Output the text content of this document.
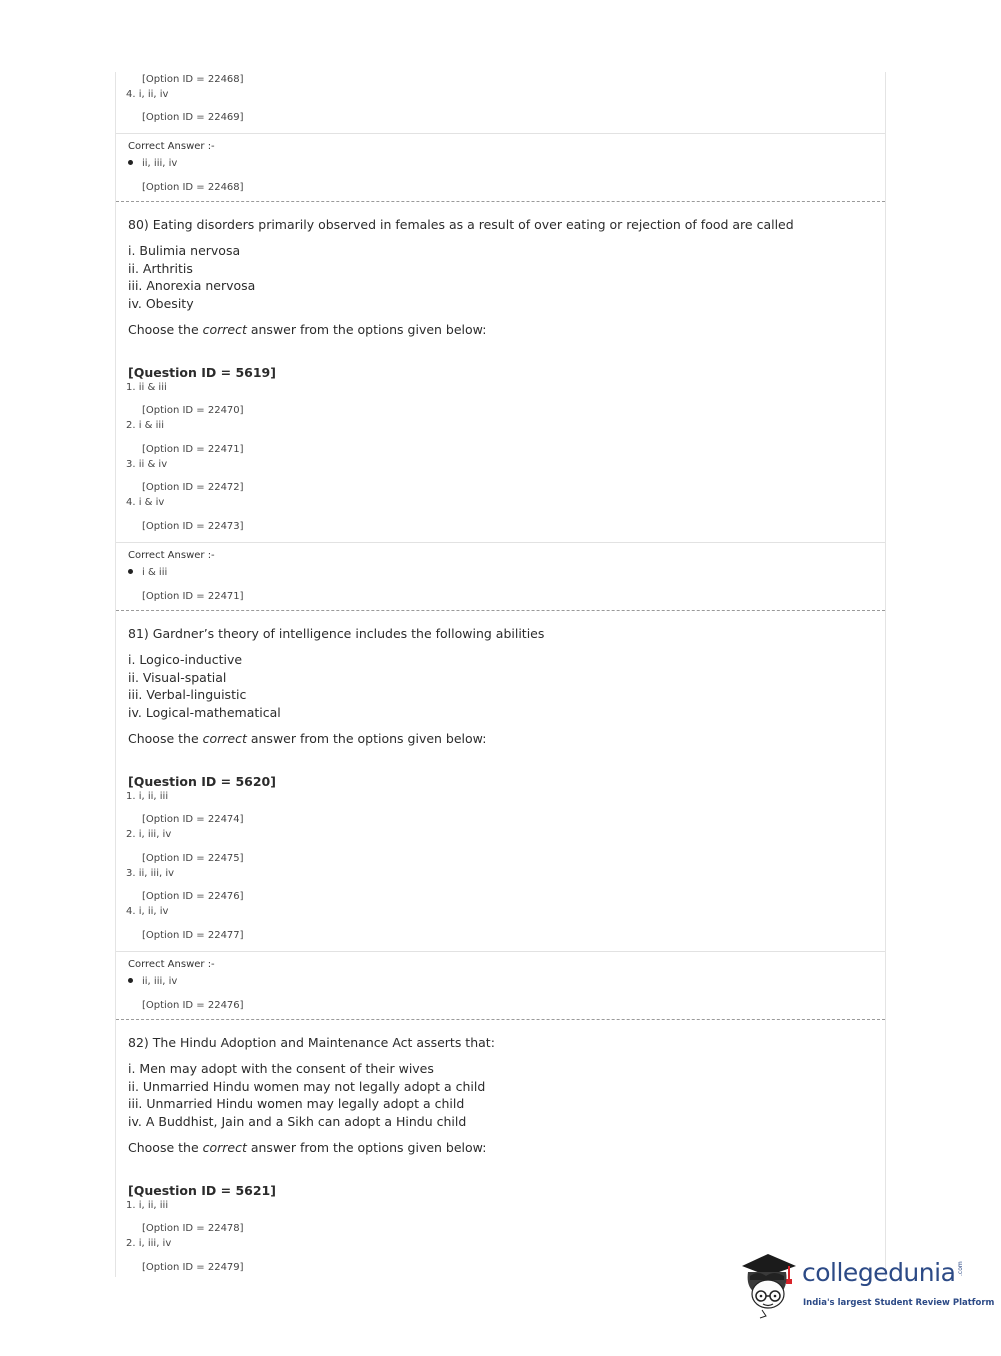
[Option ID = 22468]
4. i, ii, iv
[Option ID = 22469]
Correct Answer :-
ii, iii, iv
[Option ID = 22468]
80) Eating disorders primarily observed in females as a result of over eating or rejection of food are called
i. Bulimia nervosa
ii. Arthritis
iii. Anorexia nervosa
iv. Obesity
Choose the correct answer from the options given below:
[Question ID = 5619]
1. ii & iii
[Option ID = 22470]
2. i & iii
[Option ID = 22471]
3. ii & iv
[Option ID = 22472]
4. i & iv
[Option ID = 22473]
Correct Answer :-
i & iii
[Option ID = 22471]
81) Gardner’s theory of intelligence includes the following abilities
i. Logico-inductive
ii. Visual-spatial
iii. Verbal-linguistic
iv. Logical-mathematical
Choose the correct answer from the options given below:
[Question ID = 5620]
1. i, ii, iii
[Option ID = 22474]
2. i, iii, iv
[Option ID = 22475]
3. ii, iii, iv
[Option ID = 22476]
4. i, ii, iv
[Option ID = 22477]
Correct Answer :-
ii, iii, iv
[Option ID = 22476]
82) The Hindu Adoption and Maintenance Act asserts that:
i. Men may adopt with the consent of their wives
ii. Unmarried Hindu women may not legally adopt a child
iii. Unmarried Hindu women may legally adopt a child
iv. A Buddhist, Jain and a Sikh can adopt a Hindu child
Choose the correct answer from the options given below:
[Question ID = 5621]
1. i, ii, iii
[Option ID = 22478]
2. i, iii, iv
[Option ID = 22479]	collegedunia .com
India's largest Student Review Platform
